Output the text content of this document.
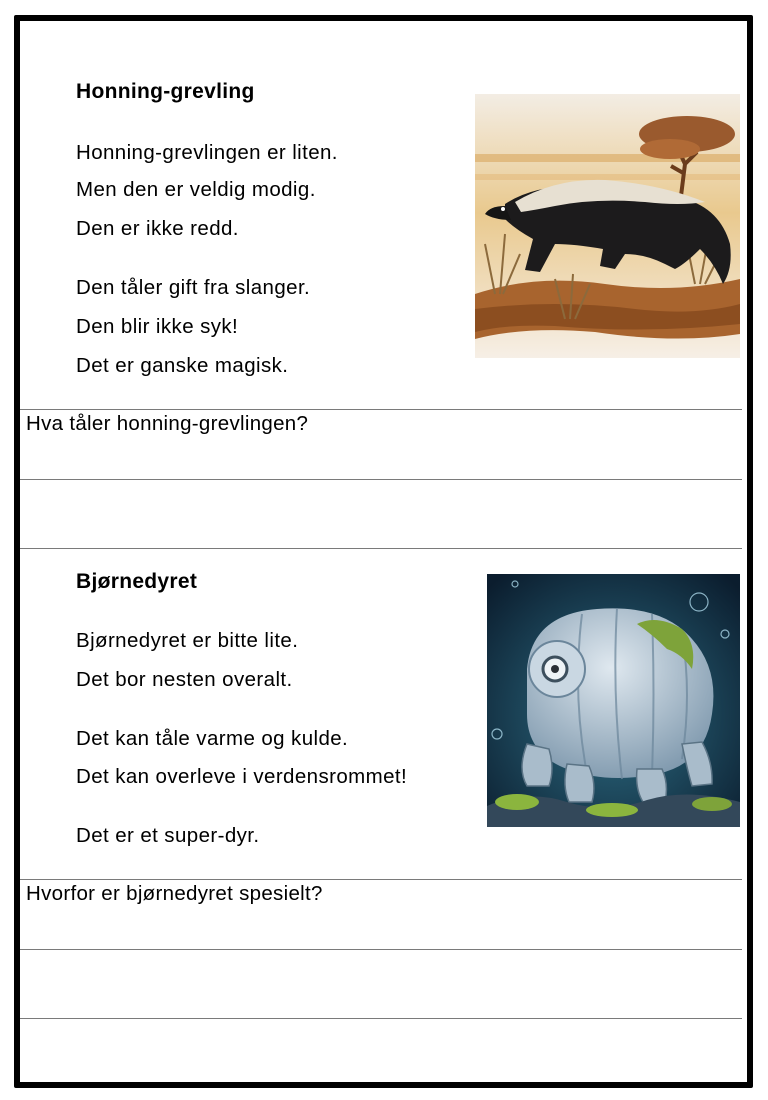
Honning-grevling
Honning-grevlingen er liten.
Men den er veldig modig.
Den er ikke redd.
Den tåler gift fra slanger.
Den blir ikke syk!
Det er ganske magisk.
Hva tåler honning-grevlingen?
Bjørnedyret
Bjørnedyret er bitte lite.
Det bor nesten overalt.
Det kan tåle varme og kulde.
Det kan overleve i verdensrommet!
Det er et super-dyr.
Hvorfor er bjørnedyret spesielt?
